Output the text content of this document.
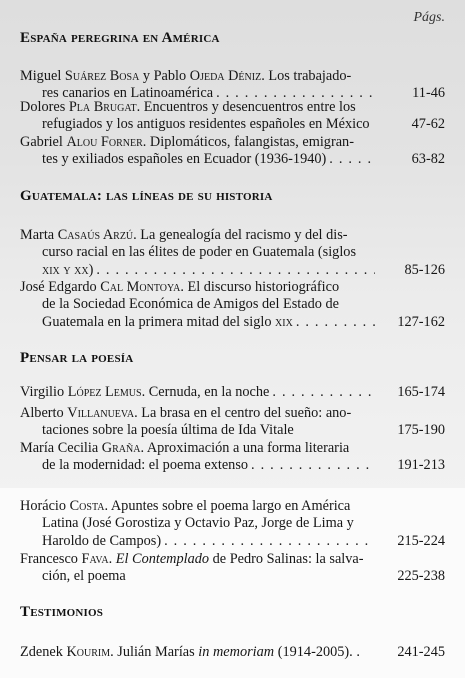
Págs.
España peregrina en América
Miguel Suárez Bosa y Pablo Ojeda Déniz. Los trabajado-
res canarios en Latinoamérica . . .	11-46
Dolores Pla Brugat. Encuentros y desencuentros entre los
refugiados y los antiguos residentes españoles en México	47-62
Gabriel Alou Forner. Diplomáticos, falangistas, emigran-
tes y exiliados españoles en Ecuador (1936-1940) . . .	63-82
Guatemala: las líneas de su historia
Marta Casaús Arzú. La genealogía del racismo y del dis-
curso racial en las élites de poder en Guatemala (siglos
xix y xx) . . .	85-126
José Edgardo Cal Montoya. El discurso historiográfico
de la Sociedad Económica de Amigos del Estado de
Guatemala en la primera mitad del siglo xix . . .	127-162
Pensar la poesía
Virgilio López Lemus. Cernuda, en la noche . . .	165-174
Alberto Villanueva. La brasa en el centro del sueño: ano-
taciones sobre la poesía última de Ida Vitale	175-190
María Cecilia Graña. Aproximación a una forma literaria
de la modernidad: el poema extenso . . .	191-213
Horácio Costa. Apuntes sobre el poema largo en América
Latina (José Gorostiza y Octavio Paz, Jorge de Lima y
Haroldo de Campos) . . .	215-224
Francesco Fava. El Contemplado de Pedro Salinas: la salva-
ción, el poema	225-238
Testimonios
Zdenek Kourim. Julián Marías in memoriam (1914-2005). .	241-245
